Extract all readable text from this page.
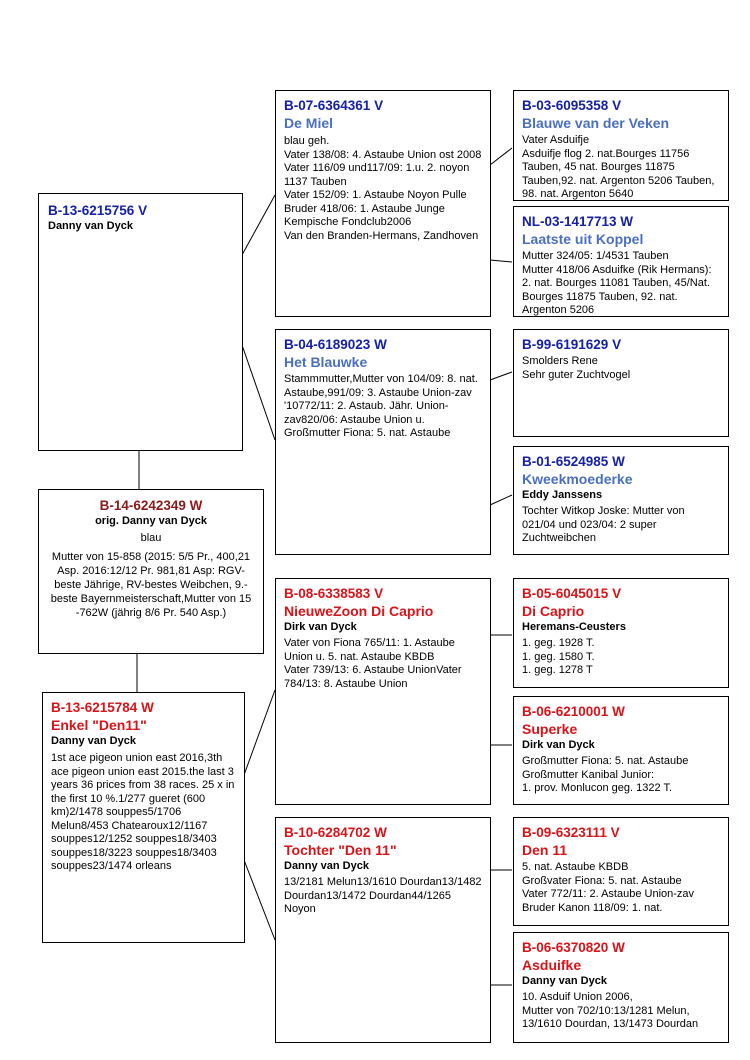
B-13-6215756 V
Danny van Dyck
B-14-6242349 W
orig. Danny van Dyck
blau
Mutter von 15-858 (2015: 5/5 Pr., 400,21 Asp. 2016:12/12 Pr. 981,81 Asp: RGV-beste Jährige, RV-bestes Weibchen, 9.-beste Bayernmeisterschaft,Mutter von 15 -762W (jährig 8/6 Pr. 540 Asp.)
B-13-6215784 W
Enkel "Den11"
Danny van Dyck
1st ace pigeon union east 2016,3th ace pigeon union east 2015.the last 3 years 36 prices from 38 races. 25 x in the first 10 %.1/277 gueret (600 km)2/1478 souppes5/1706 Melun8/453 Chatearoux12/1167 souppes12/1252 souppes18/3403 souppes18/3223 souppes18/3403 souppes23/1474 orleans
B-07-6364361 V
De Miel
blau geh.
Vater 138/08: 4. Astaube Union ost 2008
Vater 116/09 und117/09: 1.u. 2. noyon 1137 Tauben
Vater 152/09: 1. Astaube Noyon Pulle
Bruder 418/06: 1. Astaube Junge Kempische Fondclub2006
Van den Branden-Hermans, Zandhoven
B-04-6189023 W
Het Blauwke
Stammmutter,Mutter von 104/09: 8. nat. Astaube,991/09: 3. Astaube Union-zav '10772/11: 2. Astaub. Jähr. Union-zav820/06: Astaube Union u. Großmutter Fiona: 5. nat. Astaube
B-08-6338583 V
NieuweZoon Di Caprio
Dirk van Dyck
Vater von Fiona 765/11: 1. Astaube Union u. 5. nat. Astaube KBDB
Vater 739/13: 6. Astaube UnionVater 784/13: 8. Astaube Union
B-10-6284702 W
Tochter "Den 11"
Danny van Dyck
13/2181 Melun13/1610 Dourdan13/1482 Dourdan13/1472 Dourdan44/1265 Noyon
B-03-6095358 V
Blauwe van der Veken
Vater Asduifje
Asduifje flog 2. nat.Bourges 11756 Tauben, 45 nat. Bourges 11875 Tauben,92. nat. Argenton 5206 Tauben, 98. nat. Argenton 5640
NL-03-1417713 W
Laatste uit Koppel
Mutter 324/05: 1/4531 Tauben
Mutter 418/06 Asduifke (Rik Hermans): 2. nat. Bourges 11081 Tauben, 45/Nat. Bourges 11875 Tauben, 92. nat. Argenton 5206
B-99-6191629 V
Smolders Rene
Sehr guter Zuchtvogel
B-01-6524985 W
Kweekmoederke
Eddy Janssens
Tochter Witkop Joske: Mutter von 021/04 und 023/04: 2 super Zuchtweibchen
B-05-6045015 V
Di Caprio
Heremans-Ceusters
1. geg. 1928 T.
1. geg. 1580 T.
1. geg. 1278 T
B-06-6210001 W
Superke
Dirk van Dyck
Großmutter Fiona: 5. nat. Astaube
Großmutter Kanibal Junior:
1. prov. Monlucon geg. 1322 T.
B-09-6323111 V
Den 11
5. nat. Astaube KBDB
Großvater Fiona: 5. nat. Astaube
Vater 772/11: 2. Astaube Union-zav
Bruder Kanon 118/09: 1. nat.
B-06-6370820 W
Asduifke
Danny van Dyck
10. Asduif Union 2006,
Mutter von 702/10:13/1281 Melun, 13/1610 Dourdan, 13/1473 Dourdan
